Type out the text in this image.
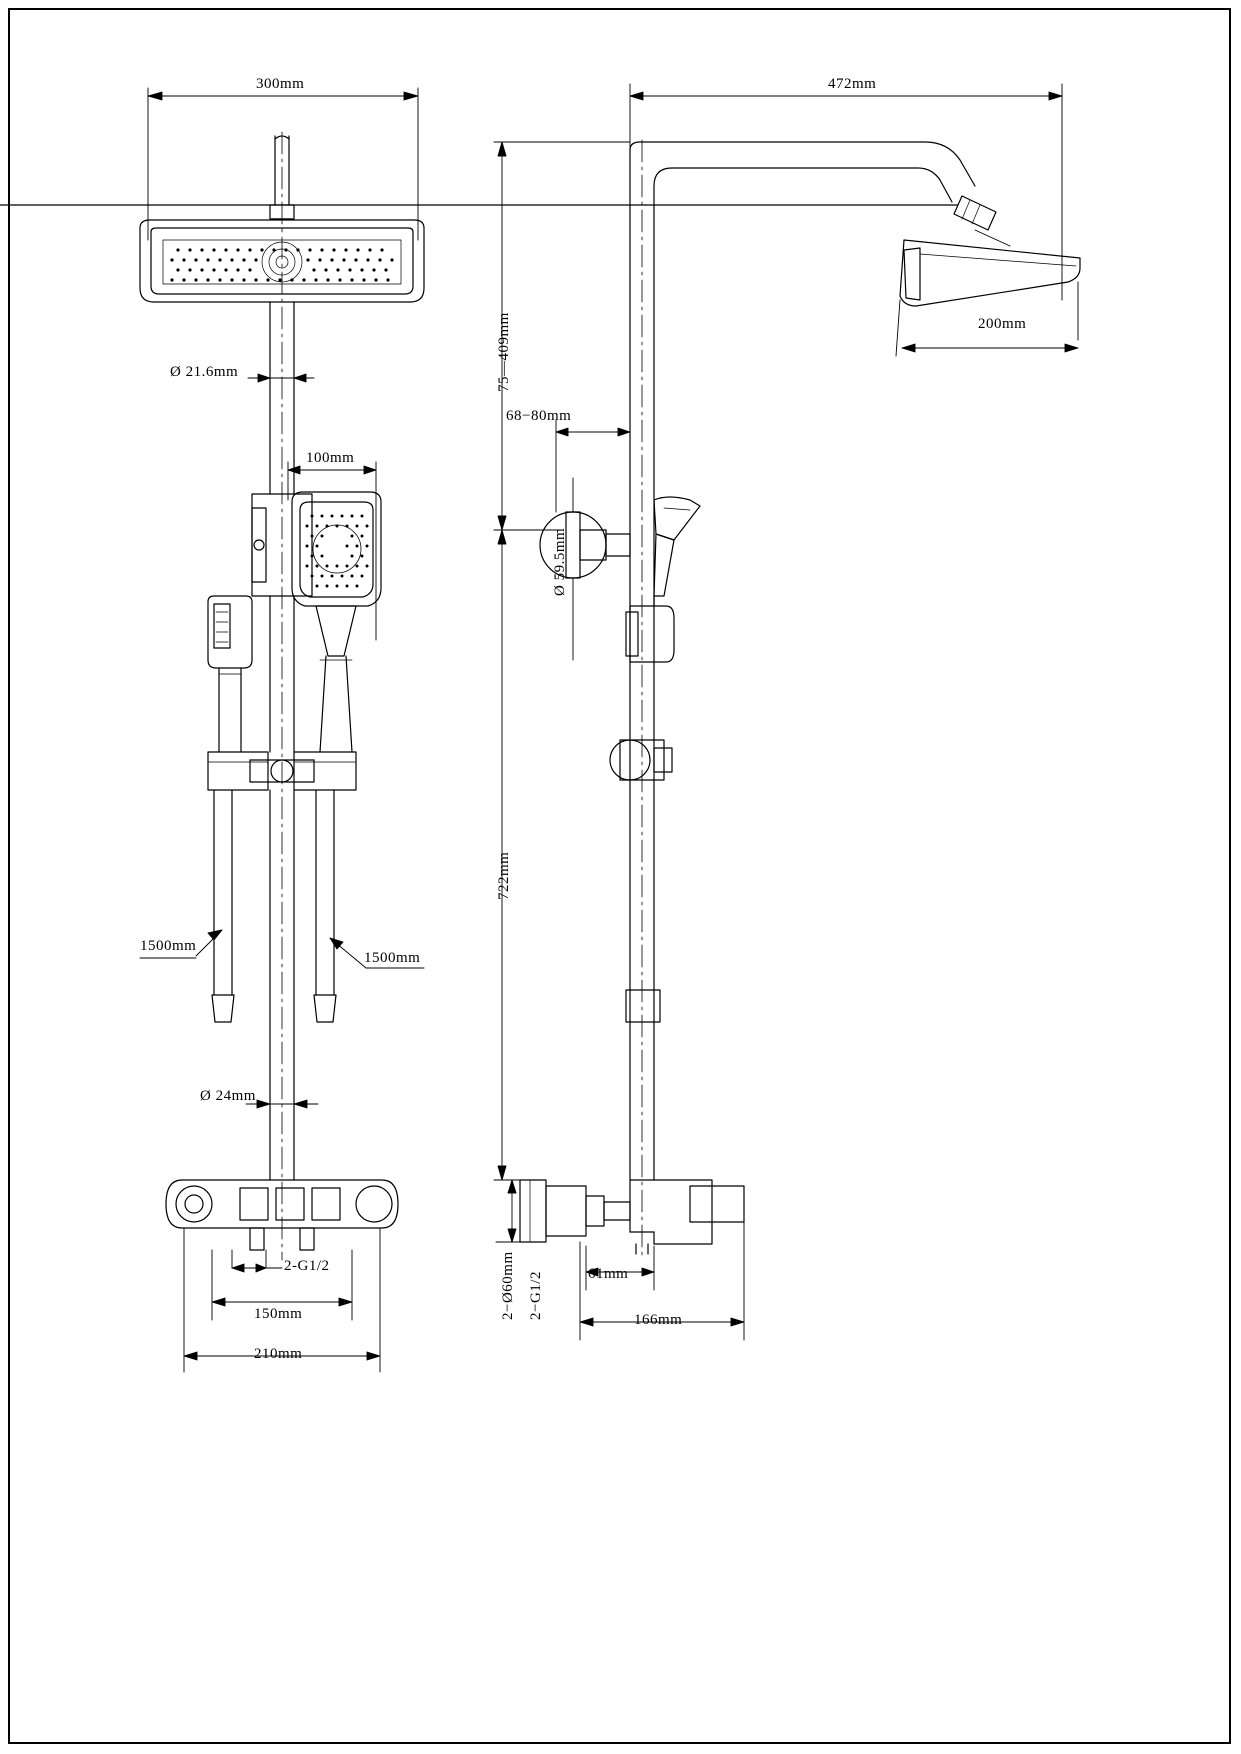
300mm
Ø 21.6mm
100mm
1500mm
1500mm
Ø 24mm
2-G1/2
150mm
210mm
472mm
200mm
75—409mm
68−80mm
Ø 59.5mm
722mm
2−Ø60mm 2−G1/2	61mm
166mm
